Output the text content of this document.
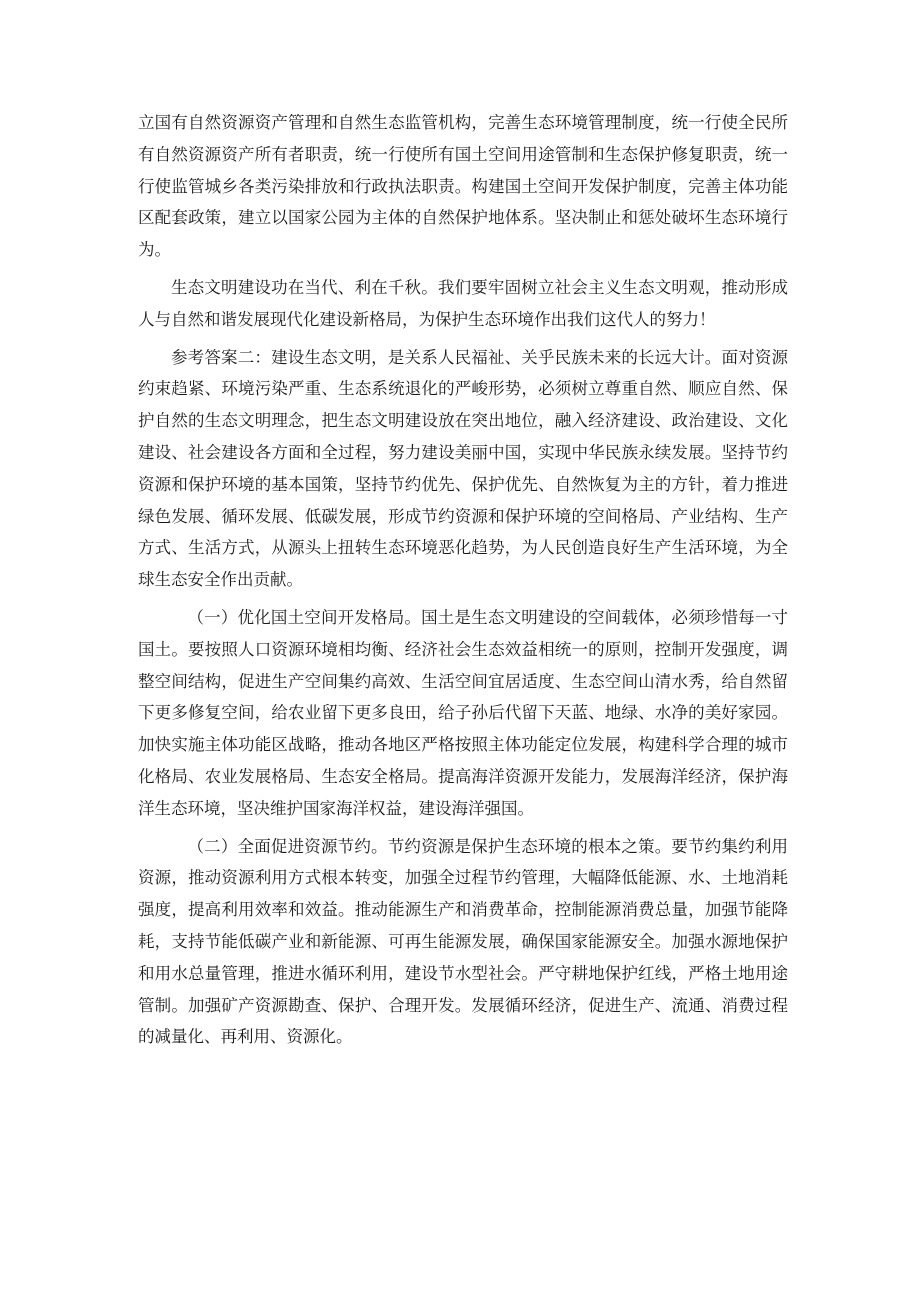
立国有自然资源资产管理和自然生态监管机构，完善生态环境管理制度，统一行使全民所有自然资源资产所有者职责，统一行使所有国土空间用途管制和生态保护修复职责，统一行使监管城乡各类污染排放和行政执法职责。构建国土空间开发保护制度，完善主体功能区配套政策，建立以国家公园为主体的自然保护地体系。坚决制止和惩处破坏生态环境行为。

生态文明建设功在当代、利在千秋。我们要牢固树立社会主义生态文明观，推动形成人与自然和谐发展现代化建设新格局，为保护生态环境作出我们这代人的努力！

参考答案二：建设生态文明，是关系人民福祉、关乎民族未来的长远大计。面对资源约束趋紧、环境污染严重、生态系统退化的严峻形势，必须树立尊重自然、顺应自然、保护自然的生态文明理念，把生态文明建设放在突出地位，融入经济建设、政治建设、文化建设、社会建设各方面和全过程，努力建设美丽中国，实现中华民族永续发展。坚持节约资源和保护环境的基本国策，坚持节约优先、保护优先、自然恢复为主的方针，着力推进绿色发展、循环发展、低碳发展，形成节约资源和保护环境的空间格局、产业结构、生产方式、生活方式，从源头上扭转生态环境恶化趋势，为人民创造良好生产生活环境，为全球生态安全作出贡献。

（一）优化国土空间开发格局。国土是生态文明建设的空间载体，必须珍惜每一寸国土。要按照人口资源环境相均衡、经济社会生态效益相统一的原则，控制开发强度，调整空间结构，促进生产空间集约高效、生活空间宜居适度、生态空间山清水秀，给自然留下更多修复空间，给农业留下更多良田，给子孙后代留下天蓝、地绿、水净的美好家园。加快实施主体功能区战略，推动各地区严格按照主体功能定位发展，构建科学合理的城市化格局、农业发展格局、生态安全格局。提高海洋资源开发能力，发展海洋经济，保护海洋生态环境，坚决维护国家海洋权益，建设海洋强国。

（二）全面促进资源节约。节约资源是保护生态环境的根本之策。要节约集约利用资源，推动资源利用方式根本转变，加强全过程节约管理，大幅降低能源、水、土地消耗强度，提高利用效率和效益。推动能源生产和消费革命，控制能源消费总量，加强节能降耗，支持节能低碳产业和新能源、可再生能源发展，确保国家能源安全。加强水源地保护和用水总量管理，推进水循环利用，建设节水型社会。严守耕地保护红线，严格土地用途管制。加强矿产资源勘查、保护、合理开发。发展循环经济，促进生产、流通、消费过程的减量化、再利用、资源化。
